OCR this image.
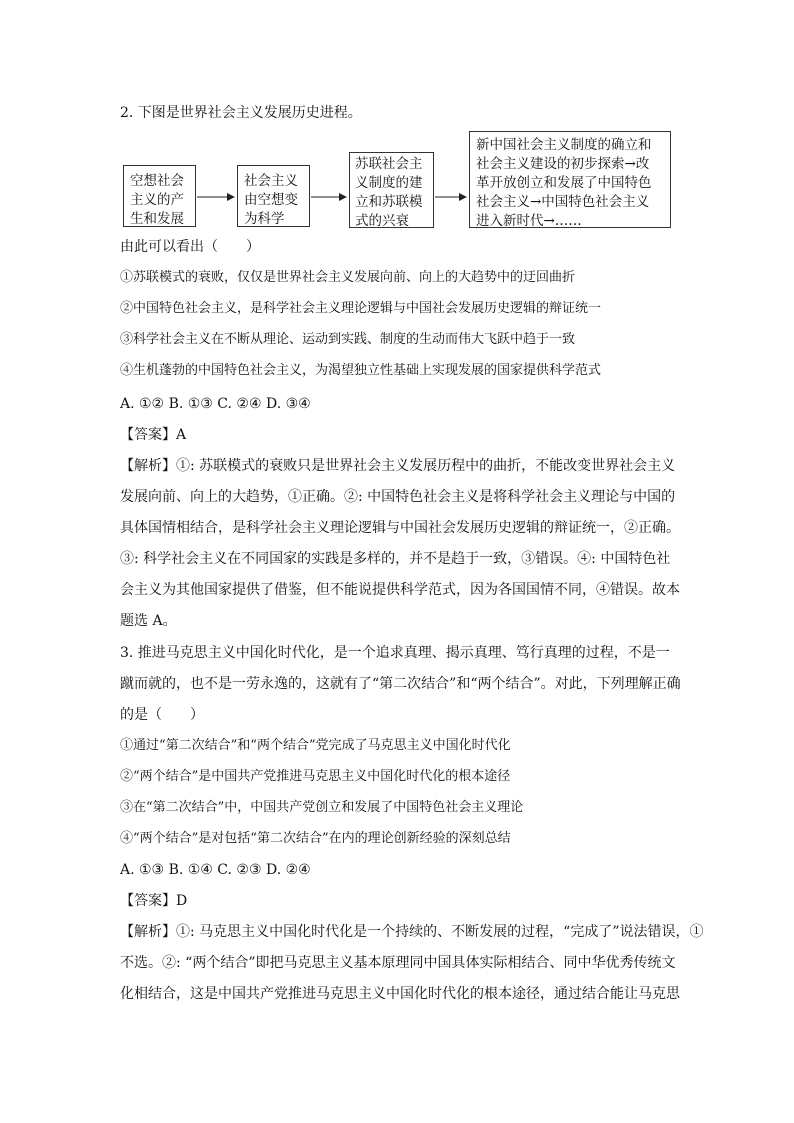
2. 下图是世界社会主义发展历史进程。
空想社会
主义的产
生和发展
社会主义
由空想变
为科学
苏联社会主
义制度的建
立和苏联模
式的兴衰
新中国社会主义制度的确立和
社会主义建设的初步探索→改
革开放创立和发展了中国特色
社会主义→中国特色社会主义
进入新时代→……
由此可以看出（　　）
①苏联模式的衰败，仅仅是世界社会主义发展向前、向上的大趋势中的迂回曲折
②中国特色社会主义，是科学社会主义理论逻辑与中国社会发展历史逻辑的辩证统一
③科学社会主义在不断从理论、运动到实践、制度的生动而伟大飞跃中趋于一致
④生机蓬勃的中国特色社会主义，为渴望独立性基础上实现发展的国家提供科学范式
A. ①② B. ①③ C. ②④ D. ③④
【答案】A
【解析】①: 苏联模式的衰败只是世界社会主义发展历程中的曲折，不能改变世界社会主义
发展向前、向上的大趋势，①正确。②: 中国特色社会主义是将科学社会主义理论与中国的
具体国情相结合，是科学社会主义理论逻辑与中国社会发展历史逻辑的辩证统一，②正确。
③: 科学社会主义在不同国家的实践是多样的，并不是趋于一致，③错误。④: 中国特色社
会主义为其他国家提供了借鉴，但不能说提供科学范式，因为各国国情不同，④错误。故本
题选 A。
3. 推进马克思主义中国化时代化，是一个追求真理、揭示真理、笃行真理的过程，不是一
蹴而就的，也不是一劳永逸的，这就有了“第二次结合”和“两个结合”。对此，下列理解正确
的是（　　）
①通过“第二次结合”和“两个结合”党完成了马克思主义中国化时代化
②“两个结合”是中国共产党推进马克思主义中国化时代化的根本途径
③在“第二次结合”中，中国共产党创立和发展了中国特色社会主义理论
④“两个结合”是对包括“第二次结合”在内的理论创新经验的深刻总结
A. ①③ B. ①④ C. ②③ D. ②④
【答案】D
【解析】①: 马克思主义中国化时代化是一个持续的、不断发展的过程，“完成了”说法错误，①
不选。②: “两个结合”即把马克思主义基本原理同中国具体实际相结合、同中华优秀传统文
化相结合，这是中国共产党推进马克思主义中国化时代化的根本途径，通过结合能让马克思
